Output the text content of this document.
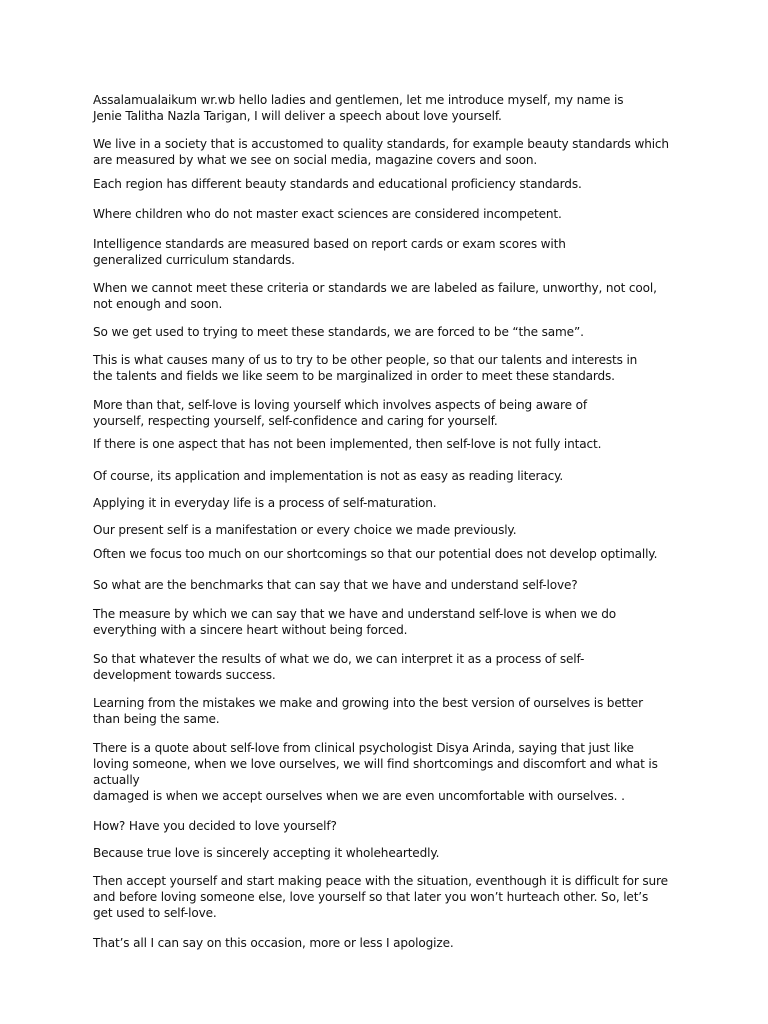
Assalamualaikum wr.wb hello ladies and gentlemen, let me introduce myself, my name is
Jenie Talitha Nazla Tarigan, I will deliver a speech about love yourself.

We live in a society that is accustomed to quality standards, for example beauty standards which
are measured by what we see on social media, magazine covers and soon.

Each region has different beauty standards and educational proficiency standards.

Where children who do not master exact sciences are considered incompetent.

Intelligence standards are measured based on report cards or exam scores with
generalized curriculum standards.

When we cannot meet these criteria or standards we are labeled as failure, unworthy, not cool,
not enough and soon.

So we get used to trying to meet these standards, we are forced to be “the same”.

This is what causes many of us to try to be other people, so that our talents and interests in
the talents and fields we like seem to be marginalized in order to meet these standards.

More than that, self-love is loving yourself which involves aspects of being aware of
yourself, respecting yourself, self-confidence and caring for yourself.

If there is one aspect that has not been implemented, then self-love is not fully intact.

Of course, its application and implementation is not as easy as reading literacy.

Applying it in everyday life is a process of self-maturation.

Our present self is a manifestation or every choice we made previously.

Often we focus too much on our shortcomings so that our potential does not develop optimally.

So what are the benchmarks that can say that we have and understand self-love?

The measure by which we can say that we have and understand self-love is when we do
everything with a sincere heart without being forced.

So that whatever the results of what we do, we can interpret it as a process of self-
development towards success.

Learning from the mistakes we make and growing into the best version of ourselves is better
than being the same.

There is a quote about self-love from clinical psychologist Disya Arinda, saying that just like
loving someone, when we love ourselves, we will find shortcomings and discomfort and what is
actually
damaged is when we accept ourselves when we are even uncomfortable with ourselves. .

How? Have you decided to love yourself?

Because true love is sincerely accepting it wholeheartedly.

Then accept yourself and start making peace with the situation, eventhough it is difficult for sure
and before loving someone else, love yourself so that later you won’t hurteach other. So, let’s
get used to self-love.

That’s all I can say on this occasion, more or less I apologize.
